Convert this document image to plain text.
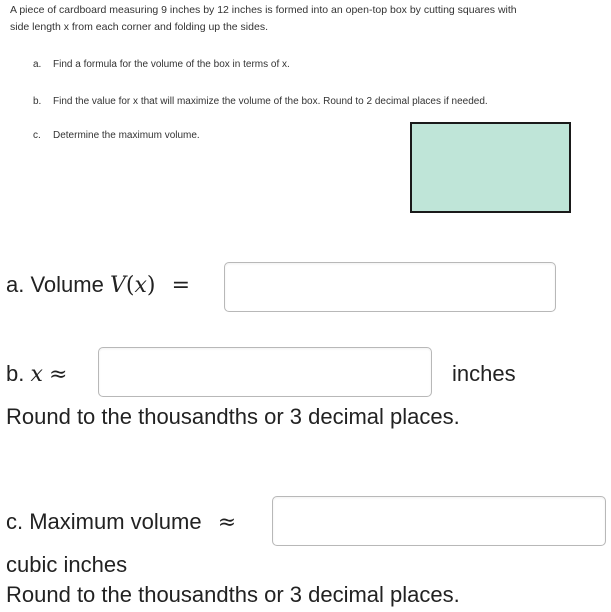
A piece of cardboard measuring 9 inches by 12 inches is formed into an open-top box by cutting squares with
side length x from each corner and folding up the sides.
a. Find a formula for the volume of the box in terms of x.
b. Find the value for x that will maximize the volume of the box. Round to 2 decimal places if needed.
c. Determine the maximum volume.
a. Volume V(x) =
b. x ≈	inches
Round to the thousandths or 3 decimal places.
c. Maximum volume ≈
cubic inches
Round to the thousandths or 3 decimal places.
